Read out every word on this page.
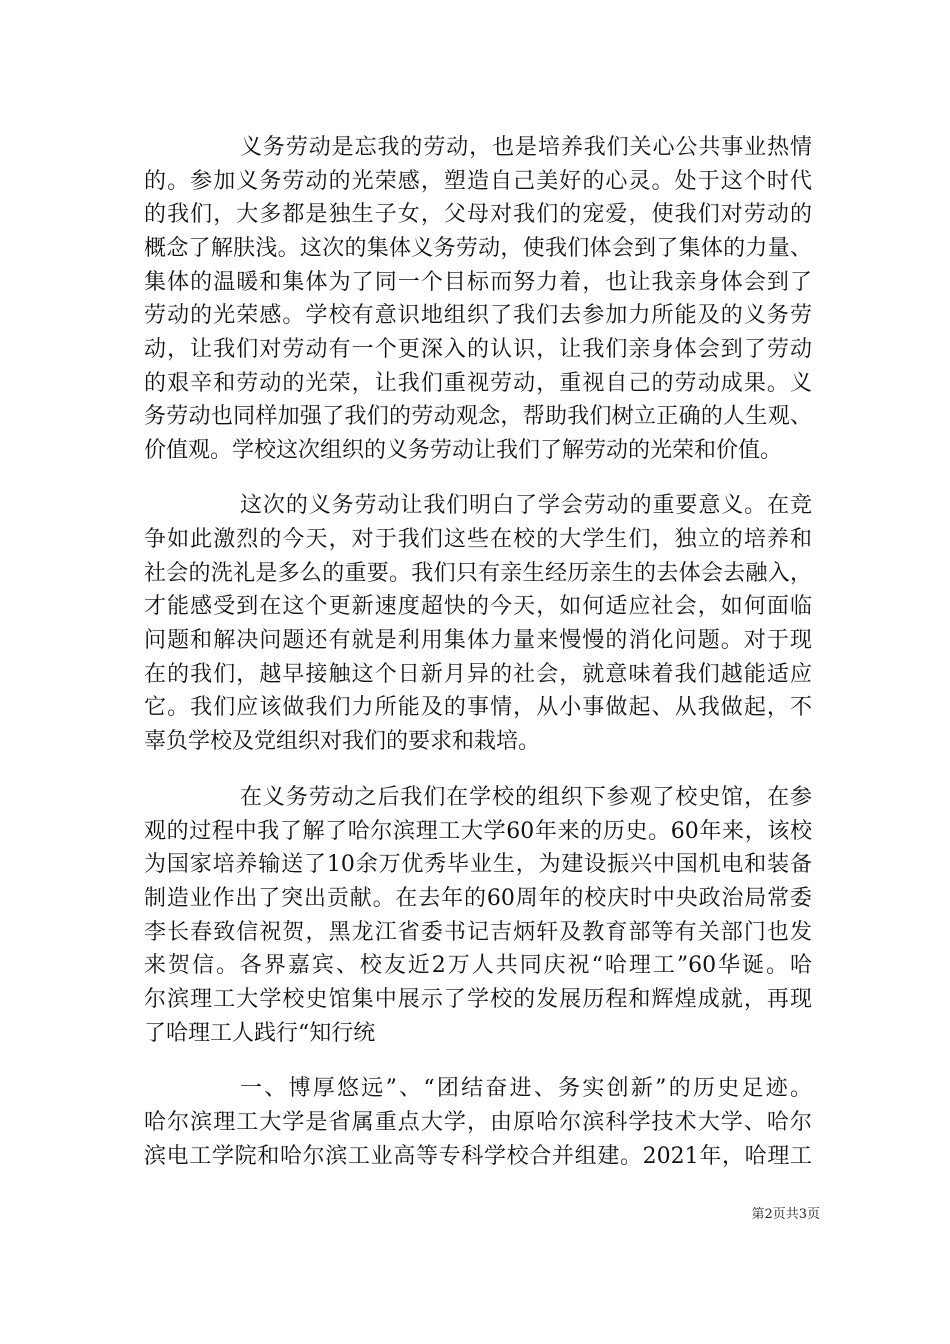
义务劳动是忘我的劳动，也是培养我们关心公共事业热情
的。参加义务劳动的光荣感，塑造自己美好的心灵。处于这个时代
的我们，大多都是独生子女，父母对我们的宠爱，使我们对劳动的
概念了解肤浅。这次的集体义务劳动，使我们体会到了集体的力量、
集体的温暖和集体为了同一个目标而努力着，也让我亲身体会到了
劳动的光荣感。学校有意识地组织了我们去参加力所能及的义务劳
动，让我们对劳动有一个更深入的认识，让我们亲身体会到了劳动
的艰辛和劳动的光荣，让我们重视劳动，重视自己的劳动成果。义
务劳动也同样加强了我们的劳动观念，帮助我们树立正确的人生观、
价值观。学校这次组织的义务劳动让我们了解劳动的光荣和价值。
这次的义务劳动让我们明白了学会劳动的重要意义。在竞
争如此激烈的今天，对于我们这些在校的大学生们，独立的培养和
社会的洗礼是多么的重要。我们只有亲生经历亲生的去体会去融入，
才能感受到在这个更新速度超快的今天，如何适应社会，如何面临
问题和解决问题还有就是利用集体力量来慢慢的消化问题。对于现
在的我们，越早接触这个日新月异的社会，就意味着我们越能适应
它。我们应该做我们力所能及的事情，从小事做起、从我做起，不
辜负学校及党组织对我们的要求和栽培。
在义务劳动之后我们在学校的组织下参观了校史馆，在参
观的过程中我了解了哈尔滨理工大学60年来的历史。60年来，该校
为国家培养输送了10余万优秀毕业生，为建设振兴中国机电和装备
制造业作出了突出贡献。在去年的60周年的校庆时中央政治局常委
李长春致信祝贺，黑龙江省委书记吉炳轩及教育部等有关部门也发
来贺信。各界嘉宾、校友近2万人共同庆祝“哈理工”60华诞。哈
尔滨理工大学校史馆集中展示了学校的发展历程和辉煌成就，再现
了哈理工人践行“知行统
一、博厚悠远”、“团结奋进、务实创新”的历史足迹。
哈尔滨理工大学是省属重点大学，由原哈尔滨科学技术大学、哈尔
滨电工学院和哈尔滨工业高等专科学校合并组建。2021年，哈理工
第2页共3页
